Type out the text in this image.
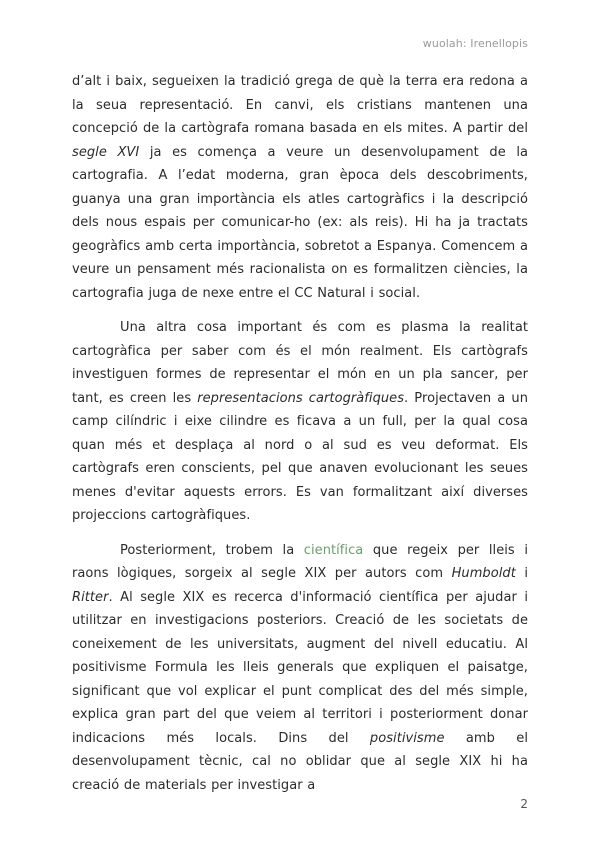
wuolah: Irenellopis

d’alt i baix, segueixen la tradició grega de què la terra era redona a la seua representació. En canvi, els cristians mantenen una concepció de la cartògrafa romana basada en els mites. A partir del segle XVI ja es comença a veure un desenvolupament de la cartografia. A l’edat moderna, gran època dels descobriments, guanya una gran importància els atles cartogràfics i la descripció dels nous espais per comunicar-ho (ex: als reis). Hi ha ja tractats geogràfics amb certa importància, sobretot a Espanya. Comencem a veure un pensament més racionalista on es formalitzen ciències, la cartografia juga de nexe entre el CC Natural i social.

Una altra cosa important és com es plasma la realitat cartogràfica per saber com és el món realment. Els cartògrafs investiguen formes de representar el món en un pla sancer, per tant, es creen les representacions cartogràfiques. Projectaven a un camp cilíndric i eixe cilindre es ficava a un full, per la qual cosa quan més et desplaça al nord o al sud es veu deformat. Els cartògrafs eren conscients, pel que anaven evolucionant les seues menes d'evitar aquests errors. Es van formalitzant així diverses projeccions cartogràfiques.

Posteriorment, trobem la científica que regeix per lleis i raons lògiques, sorgeix al segle XIX per autors com Humboldt i Ritter. Al segle XIX es recerca d'informació científica per ajudar i utilitzar en investigacions posteriors. Creació de les societats de coneixement de les universitats, augment del nivell educatiu. Al positivisme Formula les lleis generals que expliquen el paisatge, significant que vol explicar el punt complicat des del més simple, explica gran part del que veiem al territori i posteriorment donar indicacions més locals. Dins del positivisme amb el desenvolupament tècnic, cal no oblidar que al segle XIX hi ha creació de materials per investigar a

2
